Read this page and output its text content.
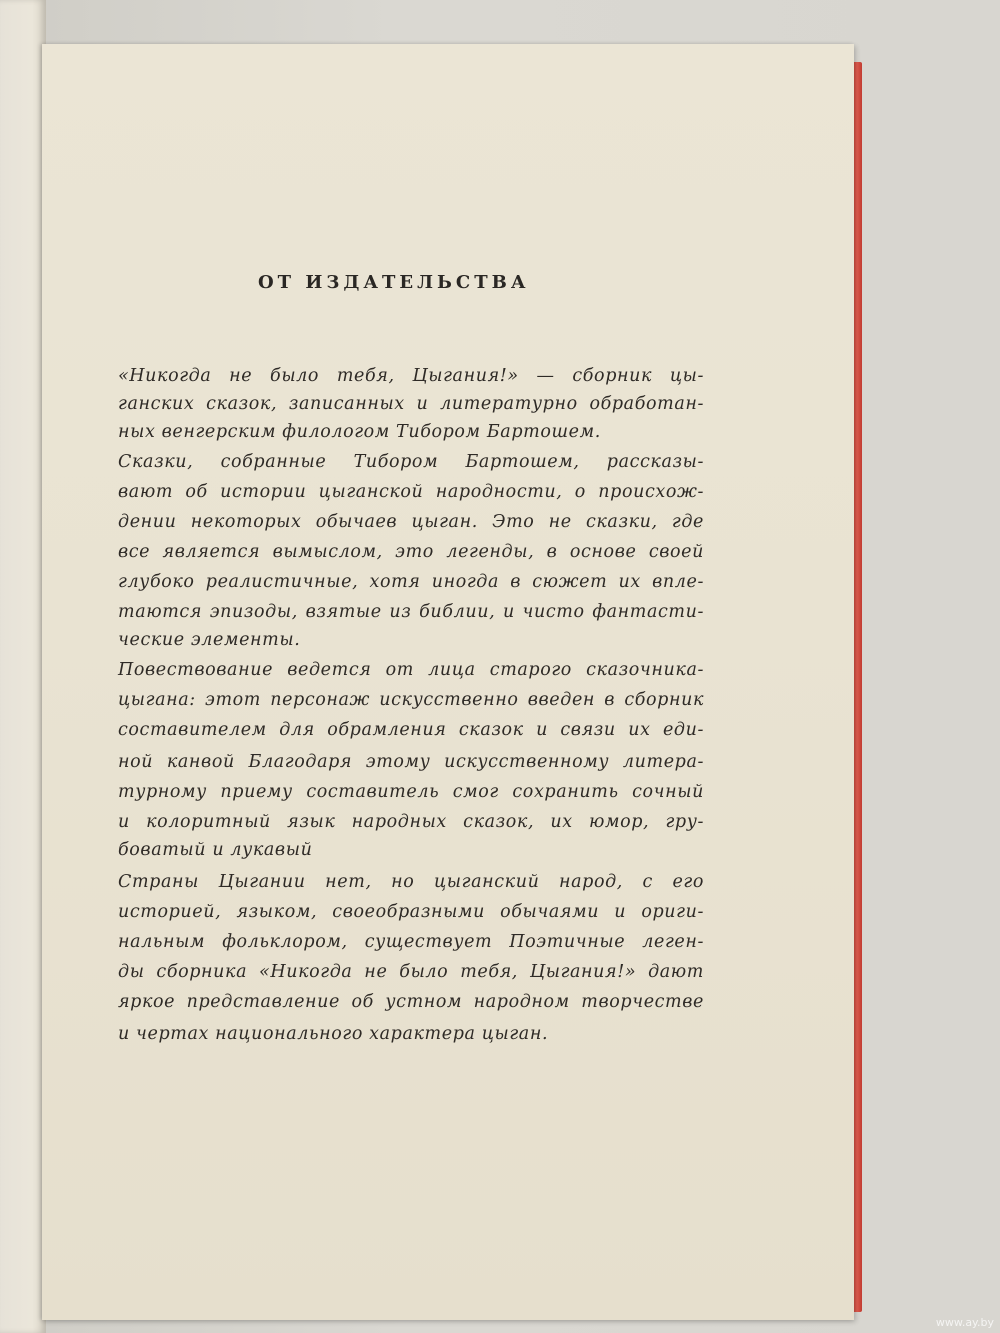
ОТ ИЗДАТЕЛЬСТВА
«Никогда не было тебя, Цыгания!» — сборник цы-
ганских сказок, записанных и литературно обработан-
ных венгерским филологом Тибором Бартошем.
Сказки, собранные Тибором Бартошем, рассказы-
вают об истории цыганской народности, о происхож-
дении некоторых обычаев цыган. Это не сказки, где
все является вымыслом, это легенды, в основе своей
глубоко реалистичные, хотя иногда в сюжет их впле-
таются эпизоды, взятые из библии, и чисто фантасти-
ческие элементы.
Повествование ведется от лица старого сказочника-
цыгана: этот персонаж искусственно введен в сборник
составителем для обрамления сказок и связи их еди-
ной канвой Благодаря этому искусственному литера-
турному приему составитель смог сохранить сочный
и колоритный язык народных сказок, их юмор, гру-
боватый и лукавый
Страны Цыгании нет, но цыганский народ, с его
историей, языком, своеобразными обычаями и ориги-
нальным фольклором, существует Поэтичные леген-
ды сборника «Никогда не было тебя, Цыгания!» дают
яркое представление об устном народном творчестве
и чертах национального характера цыган.
www.ay.by
